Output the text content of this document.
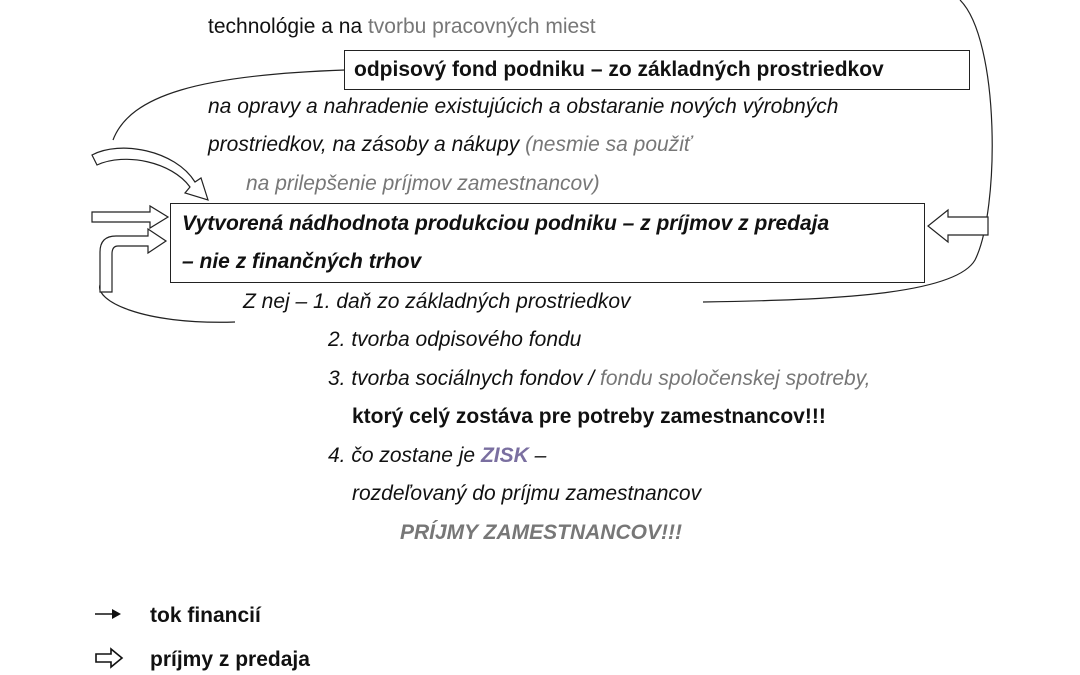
technológie a na tvorbu pracovných miest
odpisový fond podniku – zo základných prostriedkov
na opravy a nahradenie existujúcich a obstaranie nových výrobných
prostriedkov, na zásoby a nákupy (nesmie sa použiť
na prilepšenie príjmov zamestnancov)
Vytvorená nádhodnota produkciou podniku – z príjmov z predaja
– nie z finančných trhov
Z nej – 1. daň zo základných prostriedkov
2. tvorba odpisového fondu
3. tvorba sociálnych fondov / fondu spoločenskej spotreby,
ktorý celý zostáva pre potreby zamestnancov!!!
4. čo zostane je ZISK –
rozdeľovaný do príjmu zamestnancov
PRÍJMY ZAMESTNANCOV!!!
tok financií
príjmy z predaja
